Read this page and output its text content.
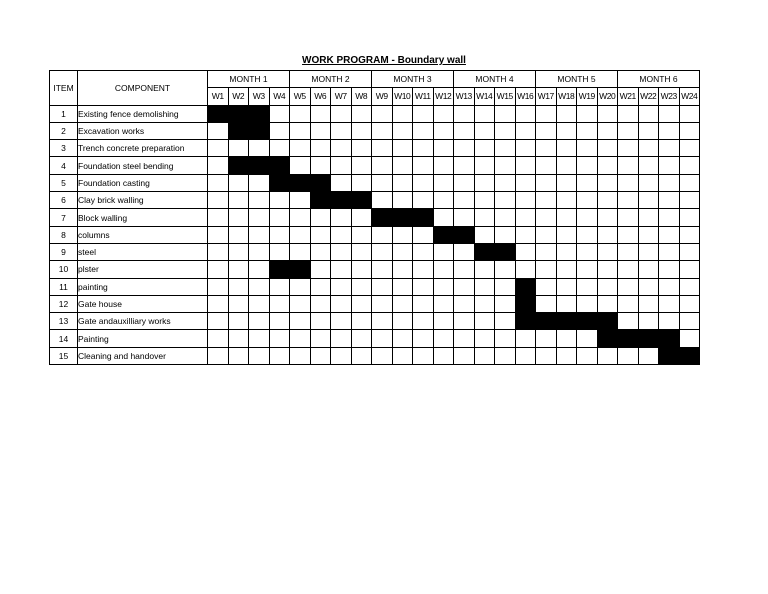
WORK PROGRAM - Boundary wall
ITEM	COMPONENT	MONTH 1				MONTH 2				MONTH 3				MONTH 4				MONTH 5				MONTH 6			
		W1	W2	W3	W4	W5	W6	W7	W8	W9	W10	W11	W12	W13	W14	W15	W16	W17	W18	W19	W20	W21	W22	W23	W24
1	Existing fence demolishing																								
2	Excavation works																								
3	Trench concrete preparation																								
4	Foundation steel bending																								
5	Foundation casting																								
6	Clay brick walling																								
7	Block walling																								
8	columns																								
9	steel																								
10	plster																								
11	painting																								
12	Gate house																								
13	Gate andauxilliary works																								
14	Painting																								
15	Cleaning and handover																								
